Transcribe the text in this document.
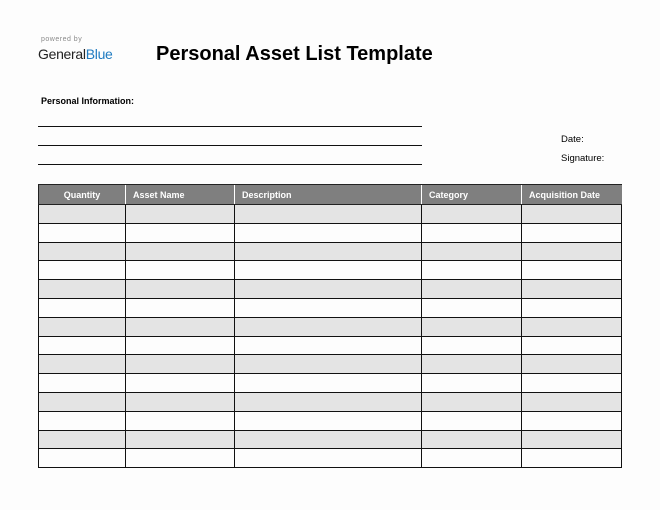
powered by
GeneralBlue Personal Asset List Template
Personal Information:
Date:
Signature:
Quantity	Asset Name	Description	Category	Acquisition Date
